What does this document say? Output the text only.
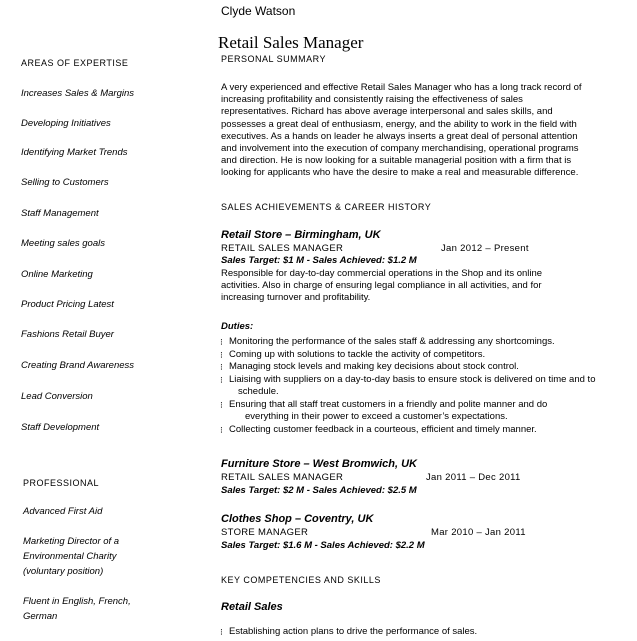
Clyde Watson
Retail Sales Manager
PERSONAL SUMMARY
AREAS OF EXPERTISE
Increases Sales & Margins
Developing Initiatives
Identifying Market Trends
Selling to Customers
Staff Management
Meeting sales goals
Online Marketing
Product Pricing Latest
Fashions Retail Buyer
Creating Brand Awareness
Lead Conversion
Staff Development
PROFESSIONAL
Advanced First Aid
Marketing Director of a
Environmental Charity
(voluntary position)
Fluent in English, French,
German
A very experienced and effective Retail Sales Manager who has a long track record of
increasing profitability and consistently raising the effectiveness of sales
representatives. Richard has above average interpersonal and sales skills, and
possesses a great deal of enthusiasm, energy, and the ability to work in the field with
executives. As a hands on leader he always inserts a great deal of personal attention
and involvement into the execution of company merchandising, operational programs
and direction. He is now looking for a suitable managerial position with a firm that is
looking for applicants who have the desire to make a real and measurable difference.
SALES ACHIEVEMENTS & CAREER HISTORY
Retail Store – Birmingham, UK
RETAIL SALES MANAGER	Jan 2012 – Present
Sales Target: $1 M - Sales Achieved: $1.2 M
Responsible for day-to-day commercial operations in the Shop and its online
activities. Also in charge of ensuring legal compliance in all activities, and for
increasing turnover and profitability.
Duties:
⁝ Monitoring the performance of the sales staff & addressing any shortcomings.
⁝ Coming up with solutions to tackle the activity of competitors.
⁝ Managing stock levels and making key decisions about stock control.
⁝ Liaising with suppliers on a day-to-day basis to ensure stock is delivered on time and to
schedule.
⁝ Ensuring that all staff treat customers in a friendly and polite manner and do
everything in their power to exceed a customer’s expectations.
⁝ Collecting customer feedback in a courteous, efficient and timely manner.
Furniture Store – West Bromwich, UK
RETAIL SALES MANAGER	Jan 2011 – Dec 2011
Sales Target: $2 M - Sales Achieved: $2.5 M
Clothes Shop – Coventry, UK
STORE MANAGER	Mar 2010 – Jan 2011
Sales Target: $1.6 M - Sales Achieved: $2.2 M
KEY COMPETENCIES AND SKILLS
Retail Sales
⁝ Establishing action plans to drive the performance of sales.
